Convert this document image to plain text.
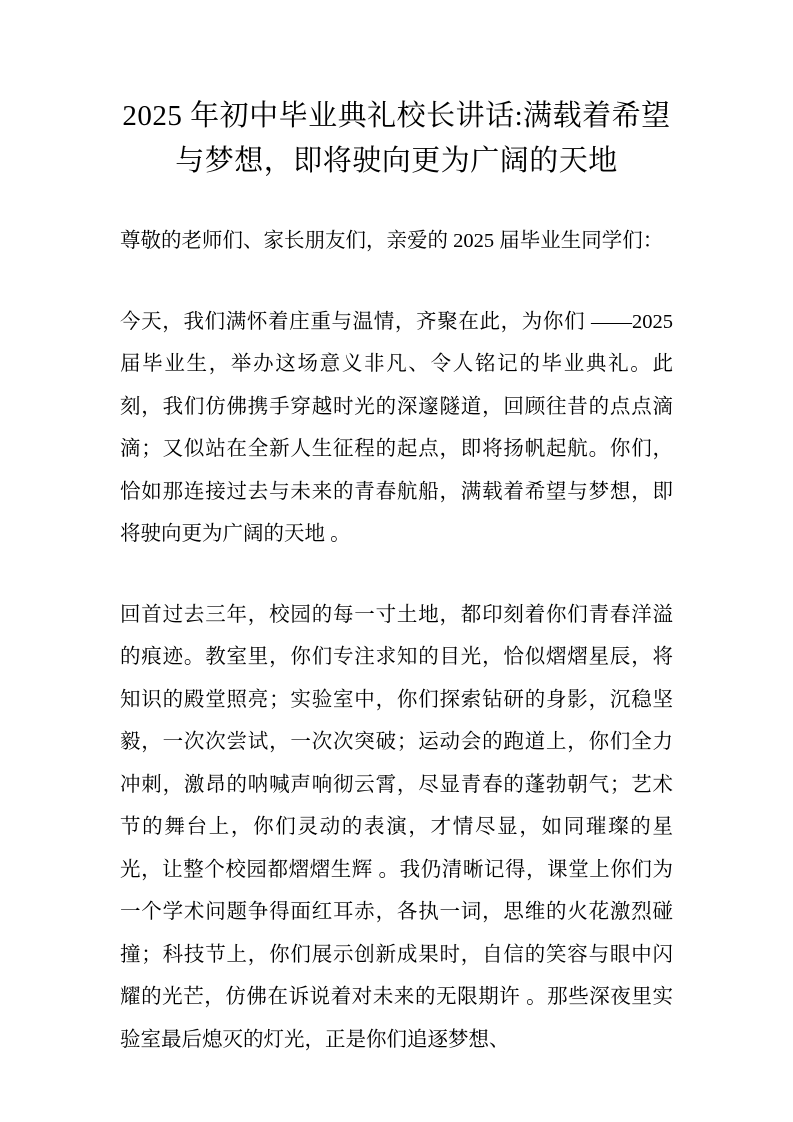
2025 年初中毕业典礼校长讲话:满载着希望与梦想，即将驶向更为广阔的天地

尊敬的老师们、家长朋友们，亲爱的 2025 届毕业生同学们：

今天，我们满怀着庄重与温情，齐聚在此，为你们 ——2025 届毕业生，举办这场意义非凡、令人铭记的毕业典礼。此刻，我们仿佛携手穿越时光的深邃隧道，回顾往昔的点点滴滴；又似站在全新人生征程的起点，即将扬帆起航。你们，恰如那连接过去与未来的青春航船，满载着希望与梦想，即将驶向更为广阔的天地 。

回首过去三年，校园的每一寸土地，都印刻着你们青春洋溢的痕迹。教室里，你们专注求知的目光，恰似熠熠星辰，将知识的殿堂照亮；实验室中，你们探索钻研的身影，沉稳坚毅，一次次尝试，一次次突破；运动会的跑道上，你们全力冲刺，激昂的呐喊声响彻云霄，尽显青春的蓬勃朝气；艺术节的舞台上，你们灵动的表演，才情尽显，如同璀璨的星光，让整个校园都熠熠生辉 。我仍清晰记得，课堂上你们为一个学术问题争得面红耳赤，各执一词，思维的火花激烈碰撞；科技节上，你们展示创新成果时，自信的笑容与眼中闪耀的光芒，仿佛在诉说着对未来的无限期许 。那些深夜里实验室最后熄灭的灯光，正是你们追逐梦想、
